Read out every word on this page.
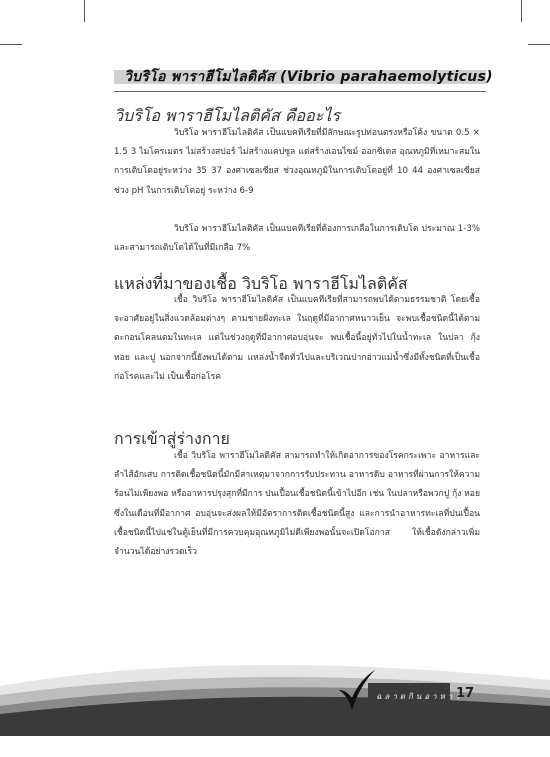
วิบริโอ พาราฮีโมไลติคัส (Vibrio parahaemolyticus)
วิบริโอ พาราฮีโมไลติคัส คืออะไร
วิบริโอ พาราฮีโมไลติคัส เป็นแบคทีเรียที่มีลักษณะรูปท่อนตรงหรือโค้ง ขนาด 0.5 × 1.5 3 ไมโครเมตร ไม่สร้างสปอร์ ไม่สร้างแคปซูล แต่สร้างเอนไซม์ ออกซิเดส อุณหภูมิที่เหมาะสมในการเติบโตอยู่ระหว่าง 35 37 องศาเซลเซียส ช่วงอุณหภูมิในการเติบโตอยู่ที่ 10 44 องศาเซลเซียส ช่วง pH ในการเติบโตอยู่ ระหว่าง 6-9
วิบริโอ พาราฮีโมไลติคัส เป็นแบคทีเรียที่ต้องการเกลือในการเติบโต ประมาณ 1-3% และสามารถเติบโตได้ในที่มีเกลือ 7%
แหล่งที่มาของเชื้อ วิบริโอ พาราฮีโมไลติคัส
เชื้อ วิบริโอ พาราฮีโมไลติคัส เป็นแบคทีเรียที่สามารถพบได้ตามธรรมชาติ โดยเชื้อจะอาศัยอยู่ในสิ่งแวดล้อมต่างๆ ตามชายฝั่งทะเล ในฤดูที่มีอากาศหนาวเย็น จะพบเชื้อชนิดนี้ได้ตามตะกอนโคลนตมในทะเล แต่ในช่วงฤดูที่มีอากาศอบอุ่นจะ พบเชื้อนี้อยู่ทั่วไปในน้ำทะเล ในปลา กุ้ง หอย และปู นอกจากนี้ยังพบได้ตาม แหล่งน้ำจืดทั่วไปและบริเวณปากอ่าวแม่น้ำซึ่งมีทั้งชนิดที่เป็นเชื้อก่อโรคและไม่ เป็นเชื้อก่อโรค
การเข้าสู่ร่างกาย
เชื้อ วิบริโอ พาราฮีโมไลติคัส สามารถทำให้เกิดอาการของโรคกระเพาะ อาหารและลำไส้อักเสบ การติดเชื้อชนิดนี้มักมีสาเหตุมาจากการรับประทาน อาหารดิบ อาหารที่ผ่านการให้ความร้อนไม่เพียงพอ หรืออาหารปรุงสุกที่มีการ ปนเปื้อนเชื้อชนิดนี้เข้าไปอีก เช่น ในปลาหรือพวกปู กุ้ง หอย ซึ่งในเดือนที่มีอากาศ อบอุ่นจะส่งผลให้มีอัตราการติดเชื้อชนิดนี้สูง และการนำอาหารทะเลที่ปนเปื้อน เชื้อชนิดนี้ไปแช่ในตู้เย็นที่มีการควบคุมอุณหภูมิไม่ดีเพียงพอนั้นจะเปิดโอกาส ให้เชื้อดังกล่าวเพิ่มจำนวนได้อย่างรวดเร็ว
ฉลาดกินอาหาร
17
